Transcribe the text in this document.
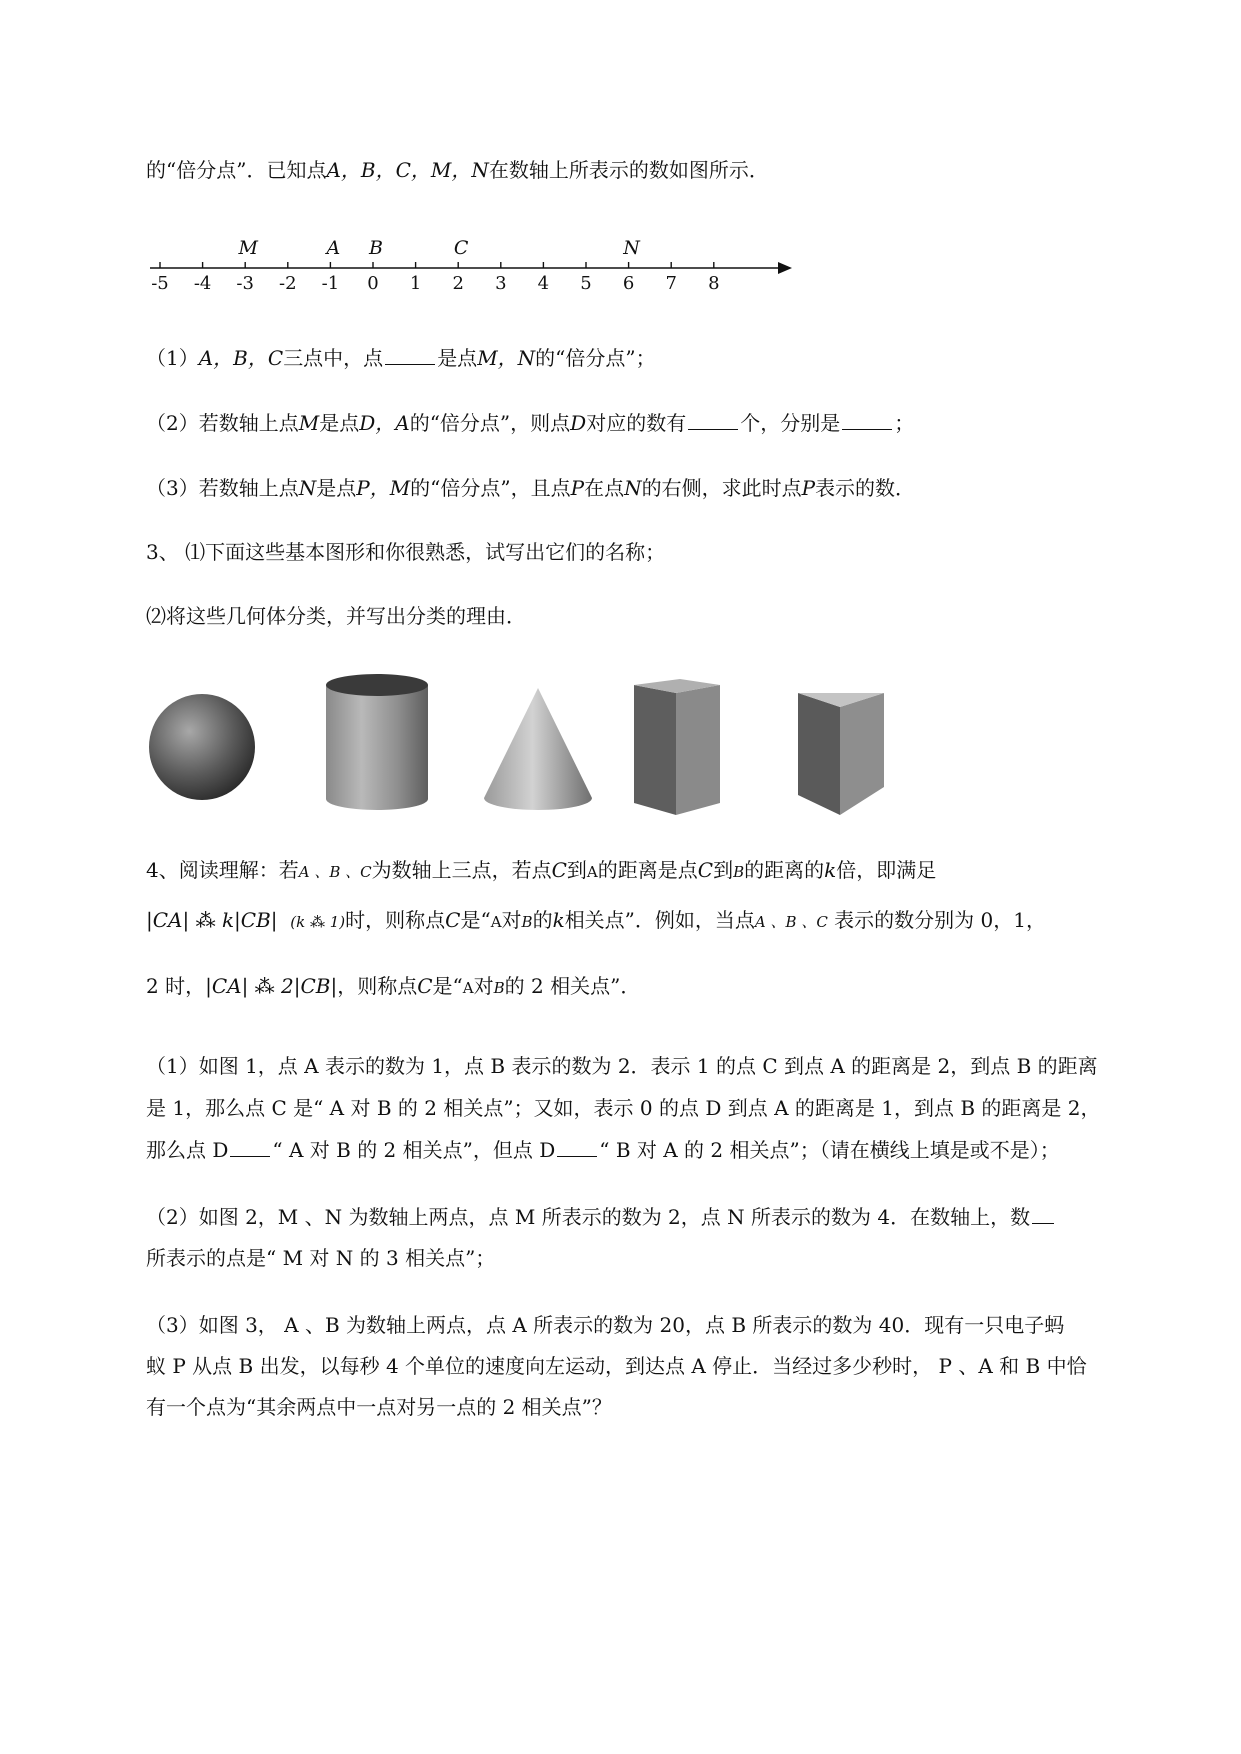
的“倍分点”．已知点A，B，C，M，N在数轴上所表示的数如图所示．
-5 -4 -3 -2 -1 0 1 2 3 4 5 6 7 8
M	A B	C	N
（1）A，B，C三点中，点	是点M，N的“倍分点”；
（2）若数轴上点M是点D，A的“倍分点”，则点D对应的数有	个，分别是	；
（3）若数轴上点N是点P，M的“倍分点”，且点P在点N的右侧，求此时点P表示的数．
3、 ⑴下面这些基本图形和你很熟悉，试写出它们的名称；
⑵将这些几何体分类，并写出分类的理由．
4、阅读理解：若A 、B 、C为数轴上三点，若点C到A的距离是点C到B的距离的k倍，即满足
|CA| ⁂ k|CB| (k ⁂ 1)时，则称点C是“A对B的k相关点”．例如，当点A 、B 、C 表示的数分别为 0，1，
2 时，|CA| ⁂ 2|CB|，则称点C是“A对B的 2 相关点”．
（1）如图 1，点 A 表示的数为 1，点 B 表示的数为 2．表示 1 的点 C 到点 A 的距离是 2，到点 B 的距离
是 1，那么点 C 是“ A 对 B 的 2 相关点”；又如，表示 0 的点 D 到点 A 的距离是 1，到点 B 的距离是 2，
那么点 D “ A 对 B 的 2 相关点”，但点 D “ B 对 A 的 2 相关点”；（请在横线上填是或不是）；
（2）如图 2，M 、N 为数轴上两点，点 M 所表示的数为 2，点 N 所表示的数为 4．在数轴上，数
所表示的点是“ M 对 N 的 3 相关点”；
（3）如图 3， A 、B 为数轴上两点，点 A 所表示的数为 20，点 B 所表示的数为 40．现有一只电子蚂
蚁 P 从点 B 出发，以每秒 4 个单位的速度向左运动，到达点 A 停止．当经过多少秒时， P 、A 和 B 中恰
有一个点为“其余两点中一点对另一点的 2 相关点”？
